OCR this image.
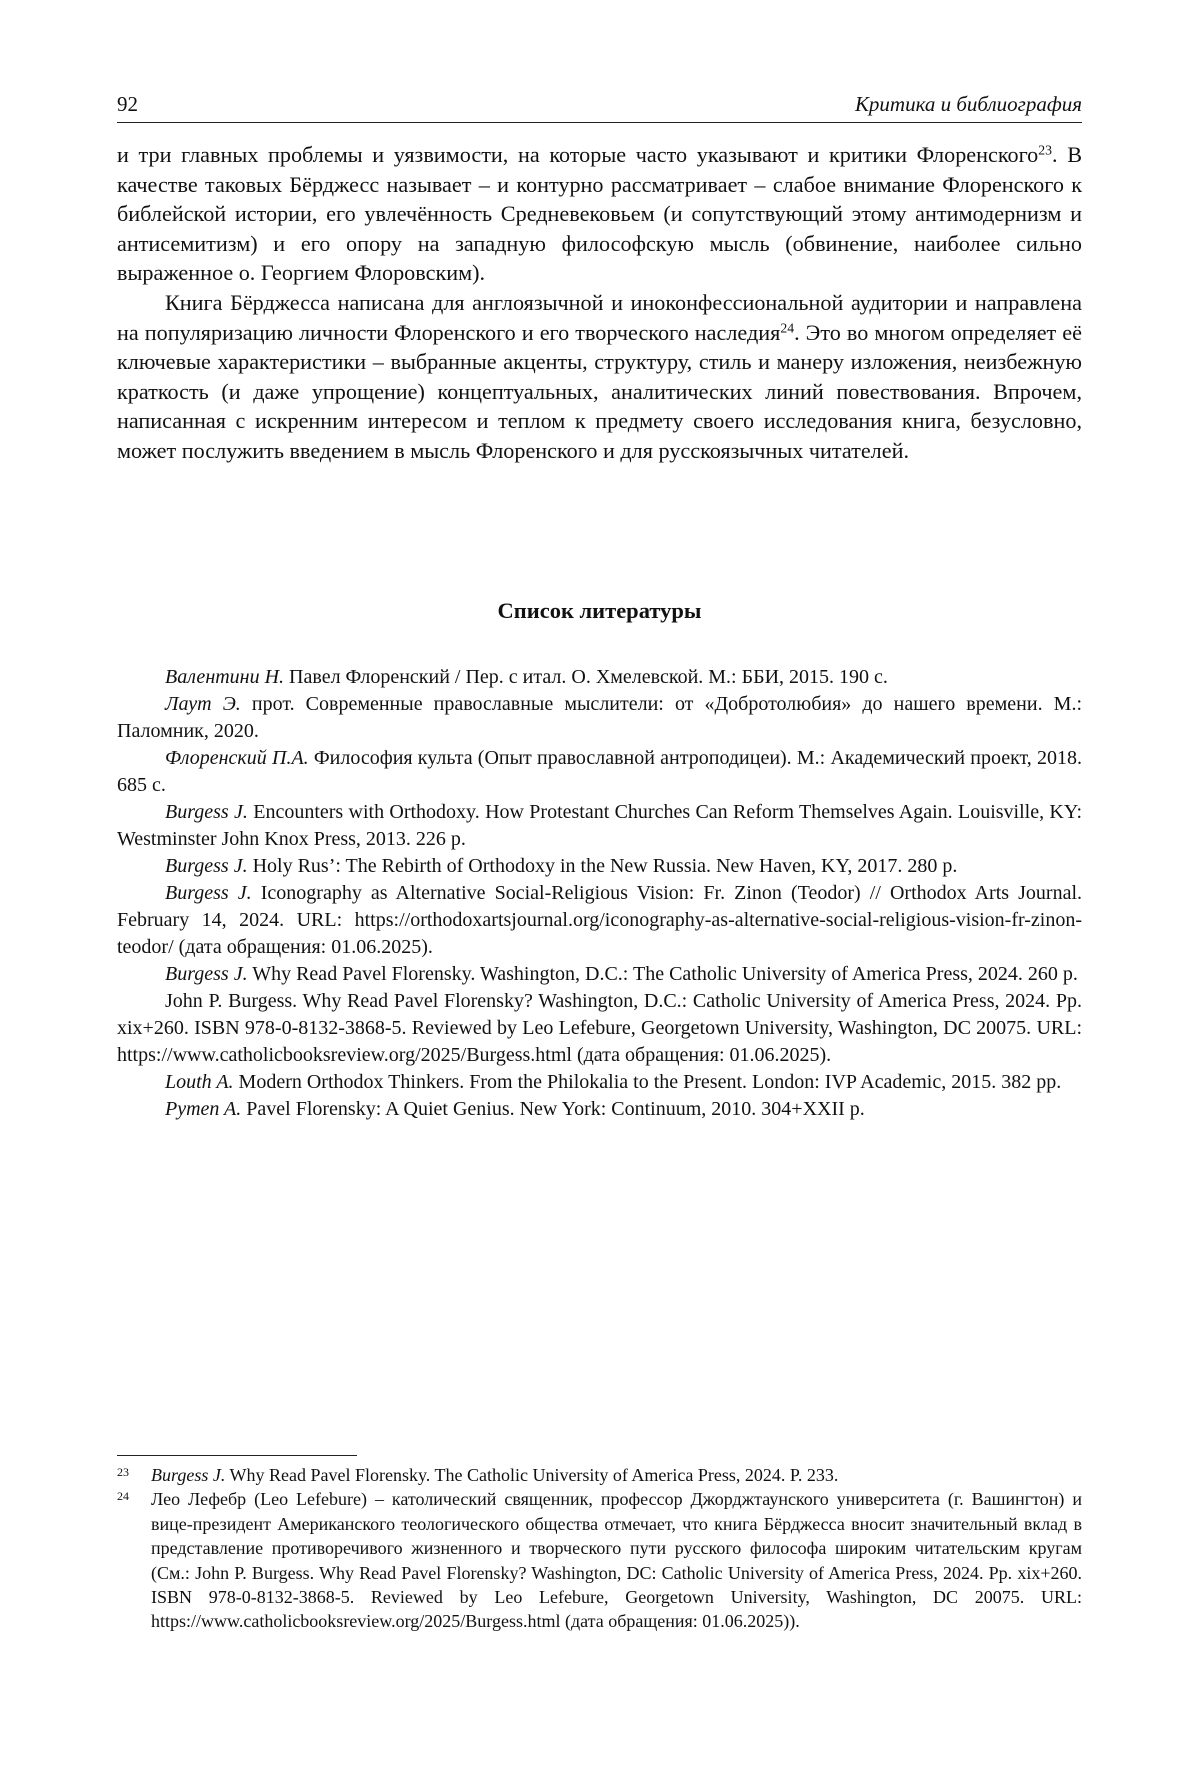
92	Критика и библиография

и три главных проблемы и уязвимости, на которые часто указывают и критики Флоренского$^{23}$. В качестве таковых Бёрджесс называет – и контурно рассматривает – слабое внимание Флоренского к библейской истории, его увлечённость Средневековьем (и сопутствующий этому антимодернизм и антисемитизм) и его опору на западную философскую мысль (обвинение, наиболее сильно выраженное о. Георгием Флоровским).

Книга Бёрджесса написана для англоязычной и иноконфессиональной аудитории и направлена на популяризацию личности Флоренского и его творческого наследия$^{24}$. Это во многом определяет её ключевые характеристики – выбранные акценты, структуру, стиль и манеру изложения, неизбежную краткость (и даже упрощение) концептуальных, аналитических линий повествования. Впрочем, написанная с искренним интересом и теплом к предмету своего исследования книга, безусловно, может послужить введением в мысль Флоренского и для русскоязычных читателей.

Список литературы

Валентини Н. Павел Флоренский / Пер. с итал. О. Хмелевской. М.: ББИ, 2015. 190 с.

Лаут Э. прот. Современные православные мыслители: от «Добротолюбия» до нашего времени. М.: Паломник, 2020.

Флоренский П.А. Философия культа (Опыт православной антроподицеи). М.: Академический проект, 2018. 685 с.

Burgess J. Encounters with Orthodoxy. How Protestant Churches Can Reform Themselves Again. Louisville, KY: Westminster John Knox Press, 2013. 226 p.

Burgess J. Holy Rus’: The Rebirth of Orthodoxy in the New Russia. New Haven, KY, 2017. 280 p.

Burgess J. Iconography as Alternative Social-Religious Vision: Fr. Zinon (Teodor) // Orthodox Arts Journal. February 14, 2024. URL: https://orthodoxartsjournal.org/iconography-as-alternative-social-religious-vision-fr-zinon-teodor/ (дата обращения: 01.06.2025).

Burgess J. Why Read Pavel Florensky. Washington, D.C.: The Catholic University of America Press, 2024. 260 p.

John P. Burgess. Why Read Pavel Florensky? Washington, D.C.: Catholic University of America Press, 2024. Pp. xix+260. ISBN 978-0-8132-3868-5. Reviewed by Leo Lefebure, Georgetown University, Washington, DC 20075. URL: https://www.catholicbooksreview.org/2025/Burgess.html (дата обращения: 01.06.2025).

Louth A. Modern Orthodox Thinkers. From the Philokalia to the Present. London: IVP Academic, 2015. 382 pp.

Pymen A. Pavel Florensky: A Quiet Genius. New York: Continuum, 2010. 304+XXII p.

23 Burgess J. Why Read Pavel Florensky. The Catholic University of America Press, 2024. P. 233.
24 Лео Лефебр (Leo Lefebure) – католический священник, профессор Джорджтаунского университета (г. Вашингтон) и вице-президент Американского теологического общества отмечает, что книга Бёрджесса вносит значительный вклад в представление противоречивого жизненного и творческого пути русского философа широким читательским кругам (См.: John P. Burgess. Why Read Pavel Florensky? Washington, DC: Catholic University of America Press, 2024. Pp. xix+260. ISBN 978-0-8132-3868-5. Reviewed by Leo Lefebure, Georgetown University, Washington, DC 20075. URL: https://www.catholicbooksreview.org/2025/Burgess.html (дата обращения: 01.06.2025)).
